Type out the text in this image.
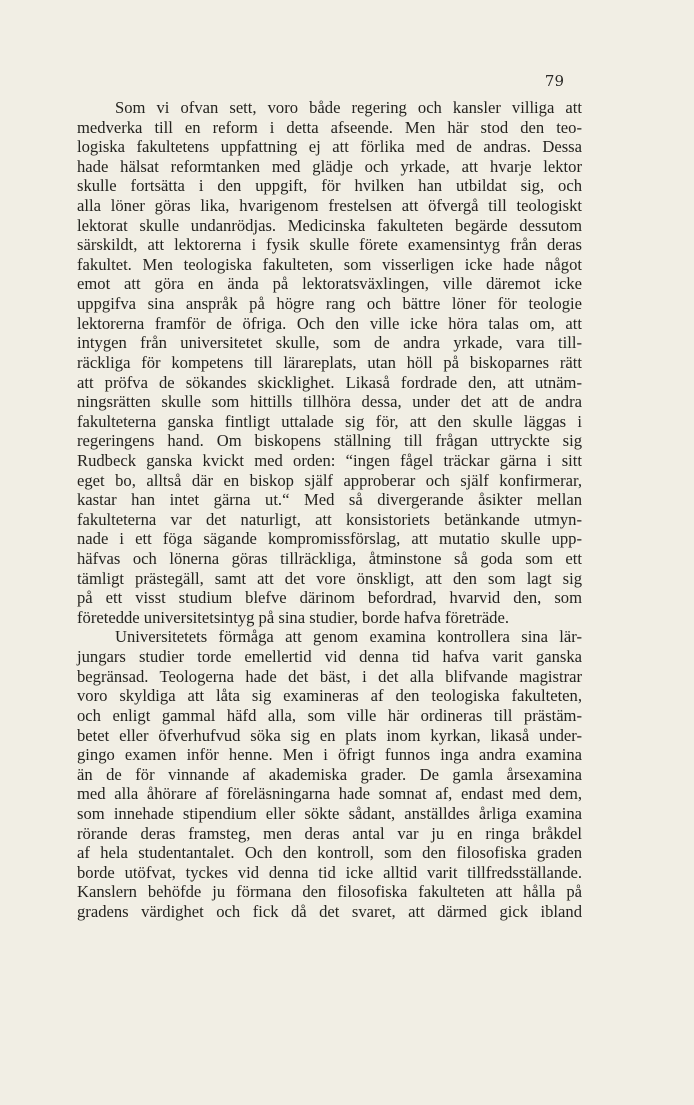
79
Som vi ofvan sett, voro både regering och kansler villiga att
medverka till en reform i detta afseende. Men här stod den teo-
logiska fakultetens uppfattning ej att förlika med de andras. Dessa
hade hälsat reformtanken med glädje och yrkade, att hvarje lektor
skulle fortsätta i den uppgift, för hvilken han utbildat sig, och
alla löner göras lika, hvarigenom frestelsen att öfvergå till teologiskt
lektorat skulle undanrödjas. Medicinska fakulteten begärde dessutom
särskildt, att lektorerna i fysik skulle förete examensintyg från deras
fakultet. Men teologiska fakulteten, som visserligen icke hade något
emot att göra en ända på lektoratsväxlingen, ville däremot icke
uppgifva sina anspråk på högre rang och bättre löner för teologie
lektorerna framför de öfriga. Och den ville icke höra talas om, att
intygen från universitetet skulle, som de andra yrkade, vara till-
räckliga för kompetens till lärareplats, utan höll på biskoparnes rätt
att pröfva de sökandes skicklighet. Likaså fordrade den, att utnäm-
ningsrätten skulle som hittills tillhöra dessa, under det att de andra
fakulteterna ganska fintligt uttalade sig för, att den skulle läggas i
regeringens hand. Om biskopens ställning till frågan uttryckte sig
Rudbeck ganska kvickt med orden: “ingen fågel träckar gärna i sitt
eget bo, alltså där en biskop själf approberar och själf konfirmerar,
kastar han intet gärna ut.“ Med så divergerande åsikter mellan
fakulteterna var det naturligt, att konsistoriets betänkande utmyn-
nade i ett föga sägande kompromissförslag, att mutatio skulle upp-
häfvas och lönerna göras tillräckliga, åtminstone så goda som ett
tämligt prästegäll, samt att det vore önskligt, att den som lagt sig
på ett visst studium blefve därinom befordrad, hvarvid den, som
företedde universitetsintyg på sina studier, borde hafva företräde.
Universitetets förmåga att genom examina kontrollera sina lär-
jungars studier torde emellertid vid denna tid hafva varit ganska
begränsad. Teologerna hade det bäst, i det alla blifvande magistrar
voro skyldiga att låta sig examineras af den teologiska fakulteten,
och enligt gammal häfd alla, som ville här ordineras till prästäm-
betet eller öfverhufvud söka sig en plats inom kyrkan, likaså under-
gingo examen inför henne. Men i öfrigt funnos inga andra examina
än de för vinnande af akademiska grader. De gamla årsexamina
med alla åhörare af föreläsningarna hade somnat af, endast med dem,
som innehade stipendium eller sökte sådant, anställdes årliga examina
rörande deras framsteg, men deras antal var ju en ringa bråkdel
af hela studentantalet. Och den kontroll, som den filosofiska graden
borde utöfvat, tyckes vid denna tid icke alltid varit tillfredsställande.
Kanslern behöfde ju förmana den filosofiska fakulteten att hålla på
gradens värdighet och fick då det svaret, att därmed gick ibland
